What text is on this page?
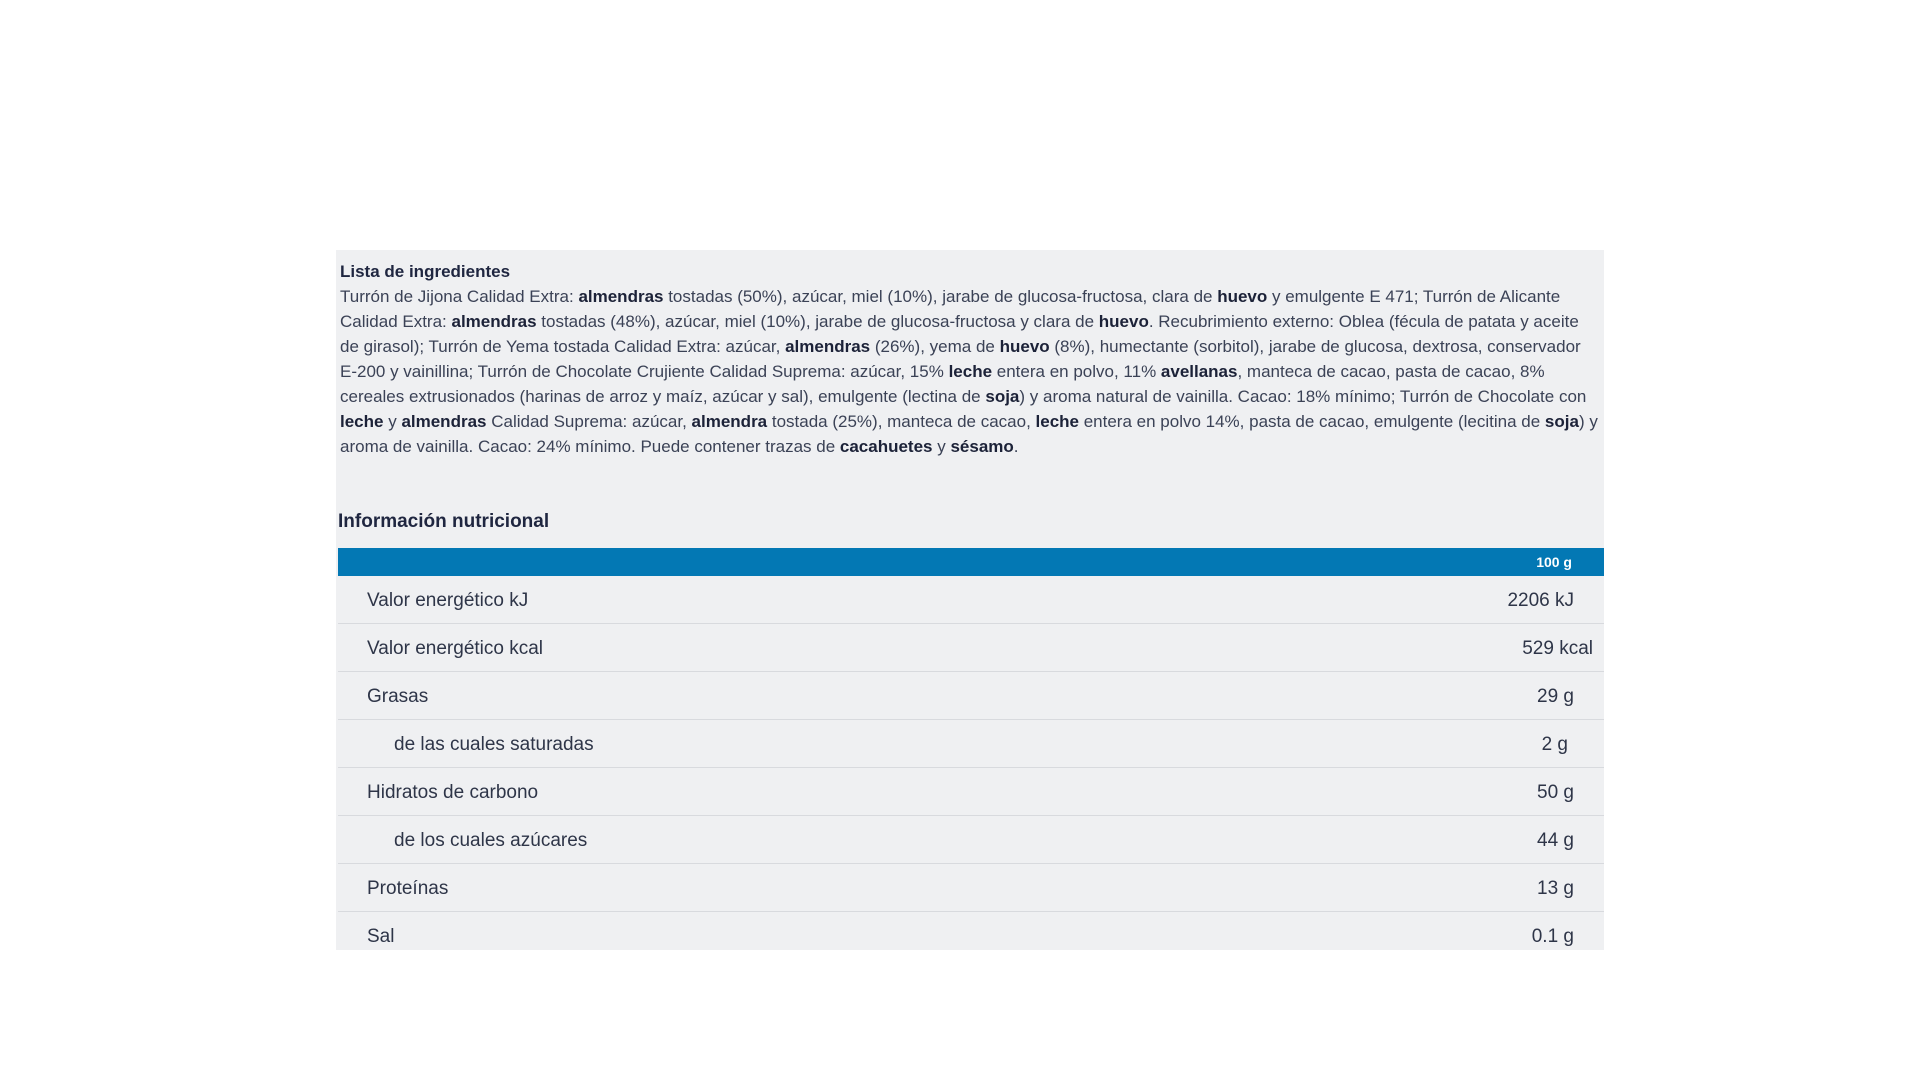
Lista de ingredientes
Turrón de Jijona Calidad Extra: almendras tostadas (50%), azúcar, miel (10%), jarabe de glucosa-fructosa, clara de huevo y emulgente E 471; Turrón de Alicante Calidad Extra: almendras tostadas (48%), azúcar, miel (10%), jarabe de glucosa-fructosa y clara de huevo. Recubrimiento externo: Oblea (fécula de patata y aceite de girasol); Turrón de Yema tostada Calidad Extra: azúcar, almendras (26%), yema de huevo (8%), humectante (sorbitol), jarabe de glucosa, dextrosa, conservador E-200 y vainillina; Turrón de Chocolate Crujiente Calidad Suprema: azúcar, 15% leche entera en polvo, 11% avellanas, manteca de cacao, pasta de cacao, 8% cereales extrusionados (harinas de arroz y maíz, azúcar y sal), emulgente (lectina de soja) y aroma natural de vainilla. Cacao: 18% mínimo; Turrón de Chocolate con leche y almendras Calidad Suprema: azúcar, almendra tostada (25%), manteca de cacao, leche entera en polvo 14%, pasta de cacao, emulgente (lecitina de soja) y aroma de vainilla. Cacao: 24% mínimo. Puede contener trazas de cacahuetes y sésamo.
Información nutricional
100 g
Valor energético kJ	2206 kJ
Valor energético kcal	529 kcal
Grasas	29 g
de las cuales saturadas	2 g
Hidratos de carbono	50 g
de los cuales azúcares	44 g
Proteínas	13 g
Sal	0.1 g
